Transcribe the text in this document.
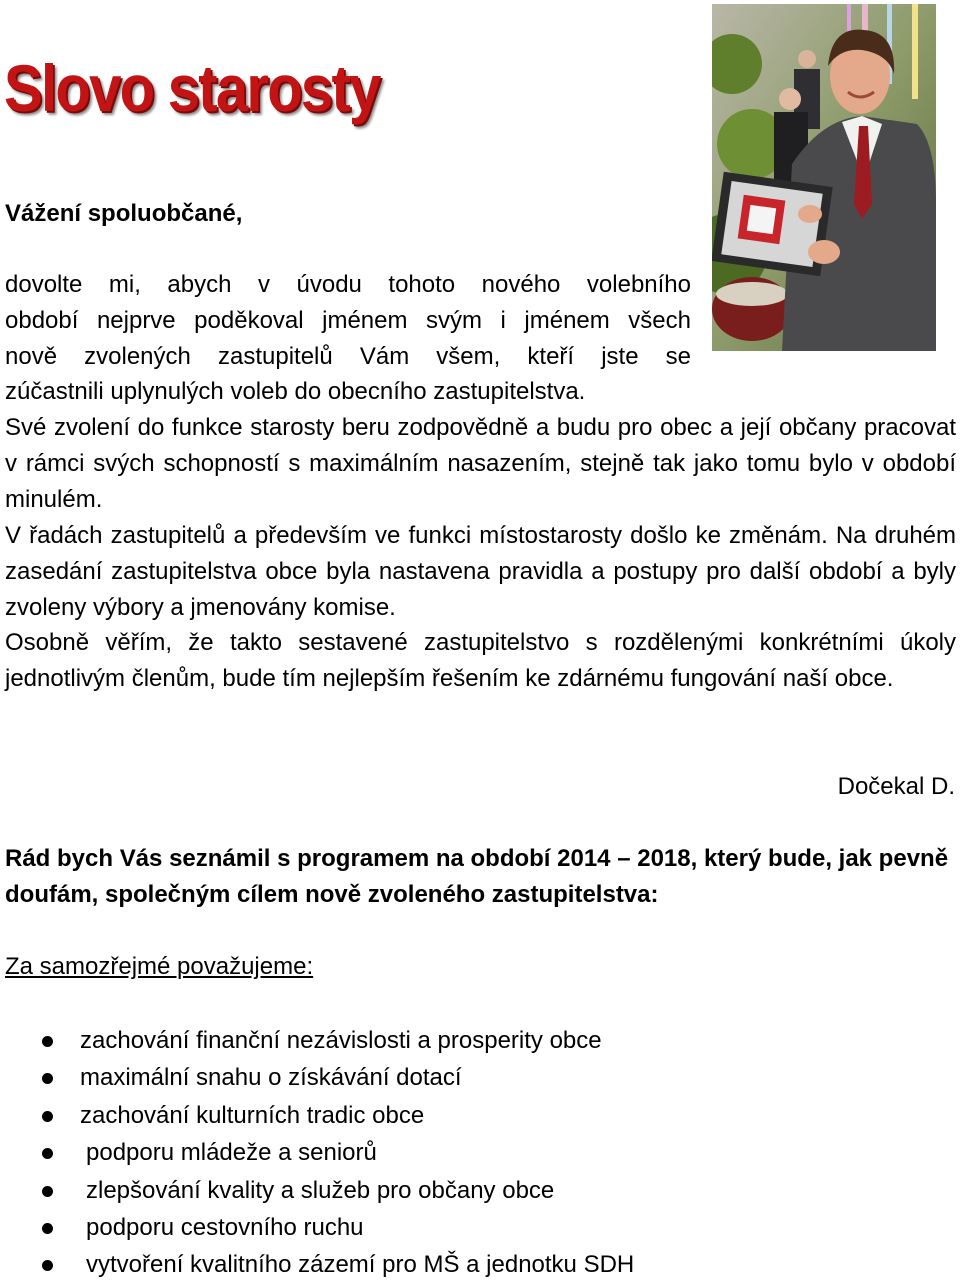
Slovo starosty
Vážení spoluobčané,
dovolte mi, abych v úvodu tohoto nového volebního
období nejprve poděkoval jménem svým i jménem všech
nově zvolených zastupitelů Vám všem, kteří jste se
zúčastnili uplynulých voleb do obecního zastupitelstva.
Své zvolení do funkce starosty beru zodpovědně a budu pro obec a její občany pracovat v rámci svých schopností s maximálním nasazením, stejně tak jako tomu bylo v období minulém.
V řadách zastupitelů a především ve funkci místostarosty došlo ke změnám. Na druhém zasedání zastupitelstva obce byla nastavena pravidla a postupy pro další období a byly zvoleny výbory a jmenovány komise.
Osobně věřím, že takto sestavené zastupitelstvo s rozdělenými konkrétními úkoly jednotlivým členům, bude tím nejlepším řešením ke zdárnému fungování naší obce.
Dočekal D.
Rád bych Vás seznámil s programem na období 2014 – 2018, který bude, jak pevně doufám, společným cílem nově zvoleného zastupitelstva:
Za samozřejmé považujeme:
zachování finanční nezávislosti a prosperity obce
maximální snahu o získávání dotací
zachování kulturních tradic obce
podporu mládeže a seniorů
zlepšování kvality a služeb pro občany obce
podporu cestovního ruchu
vytvoření kvalitního zázemí pro MŠ a jednotku SDH
